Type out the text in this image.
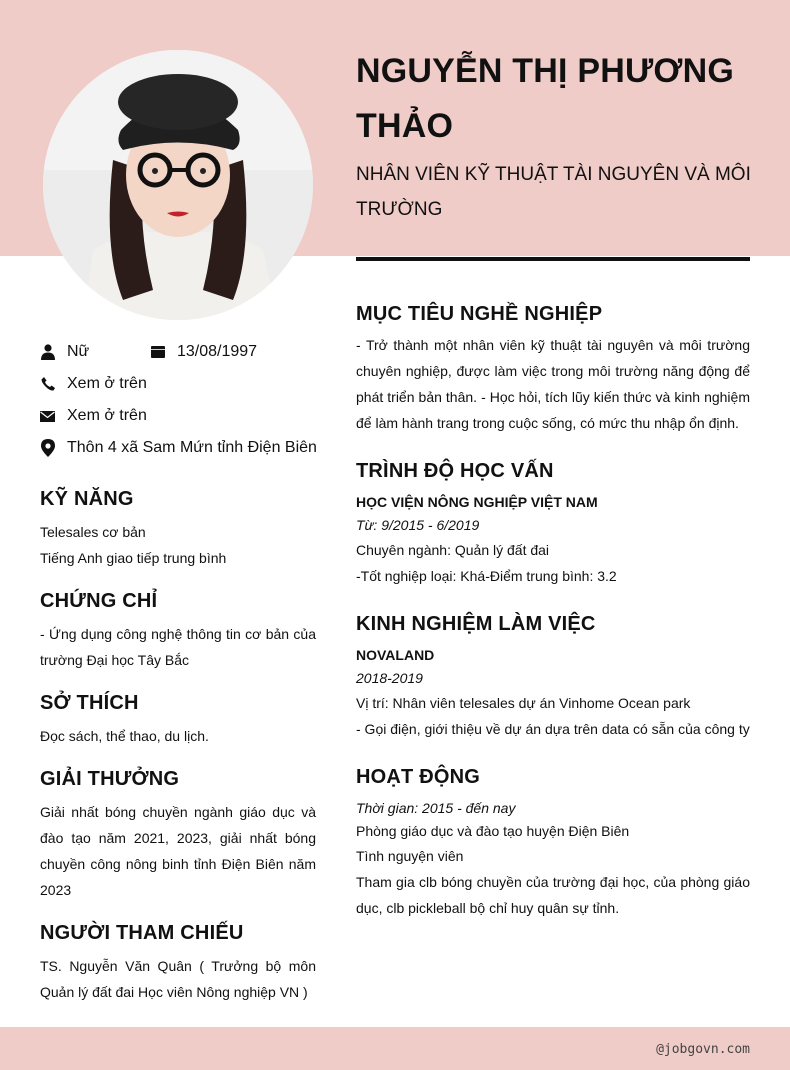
NGUYỄN THỊ PHƯƠNG THẢO
NHÂN VIÊN KỸ THUẬT TÀI NGUYÊN VÀ MÔI TRƯỜNG
Nữ	13/08/1997
Xem ở trên
Xem ở trên
Thôn 4 xã Sam Mứn tỉnh Điện Biên
KỸ NĂNG
Telesales cơ bản
Tiếng Anh giao tiếp trung bình
CHỨNG CHỈ
- Ứng dụng công nghệ thông tin cơ bản của trường Đại học Tây Bắc
SỞ THÍCH
Đọc sách, thể thao, du lịch.
GIẢI THƯỞNG
Giải nhất bóng chuyền ngành giáo dục và đào tạo năm 2021, 2023, giải nhất bóng chuyền công nông binh tỉnh Điện Biên năm 2023
NGƯỜI THAM CHIẾU
TS. Nguyễn Văn Quân ( Trưởng bộ môn Quản lý đất đai Học viên Nông nghiệp VN )
MỤC TIÊU NGHỀ NGHIỆP
- Trở thành một nhân viên kỹ thuật tài nguyên và môi trường chuyên nghiệp, được làm việc trong môi trường năng động để phát triển bản thân. - Học hỏi, tích lũy kiến thức và kinh nghiệm để làm hành trang trong cuộc sống, có mức thu nhập ổn định.
TRÌNH ĐỘ HỌC VẤN
HỌC VIỆN NÔNG NGHIỆP VIỆT NAM
Từ: 9/2015 - 6/2019
Chuyên ngành: Quản lý đất đai
-Tốt nghiệp loại: Khá-Điểm trung bình: 3.2
KINH NGHIỆM LÀM VIỆC
NOVALAND
2018-2019
Vị trí: Nhân viên telesales dự án Vinhome Ocean park
- Gọi điện, giới thiệu về dự án dựa trên data có sẵn của công ty
HOẠT ĐỘNG
Thời gian: 2015 - đến nay
Phòng giáo dục và đào tạo huyện Điện Biên
Tình nguyện viên
Tham gia clb bóng chuyền của trường đại học, của phòng giáo dục, clb pickleball bộ chỉ huy quân sự tỉnh.
@jobgovn.com
